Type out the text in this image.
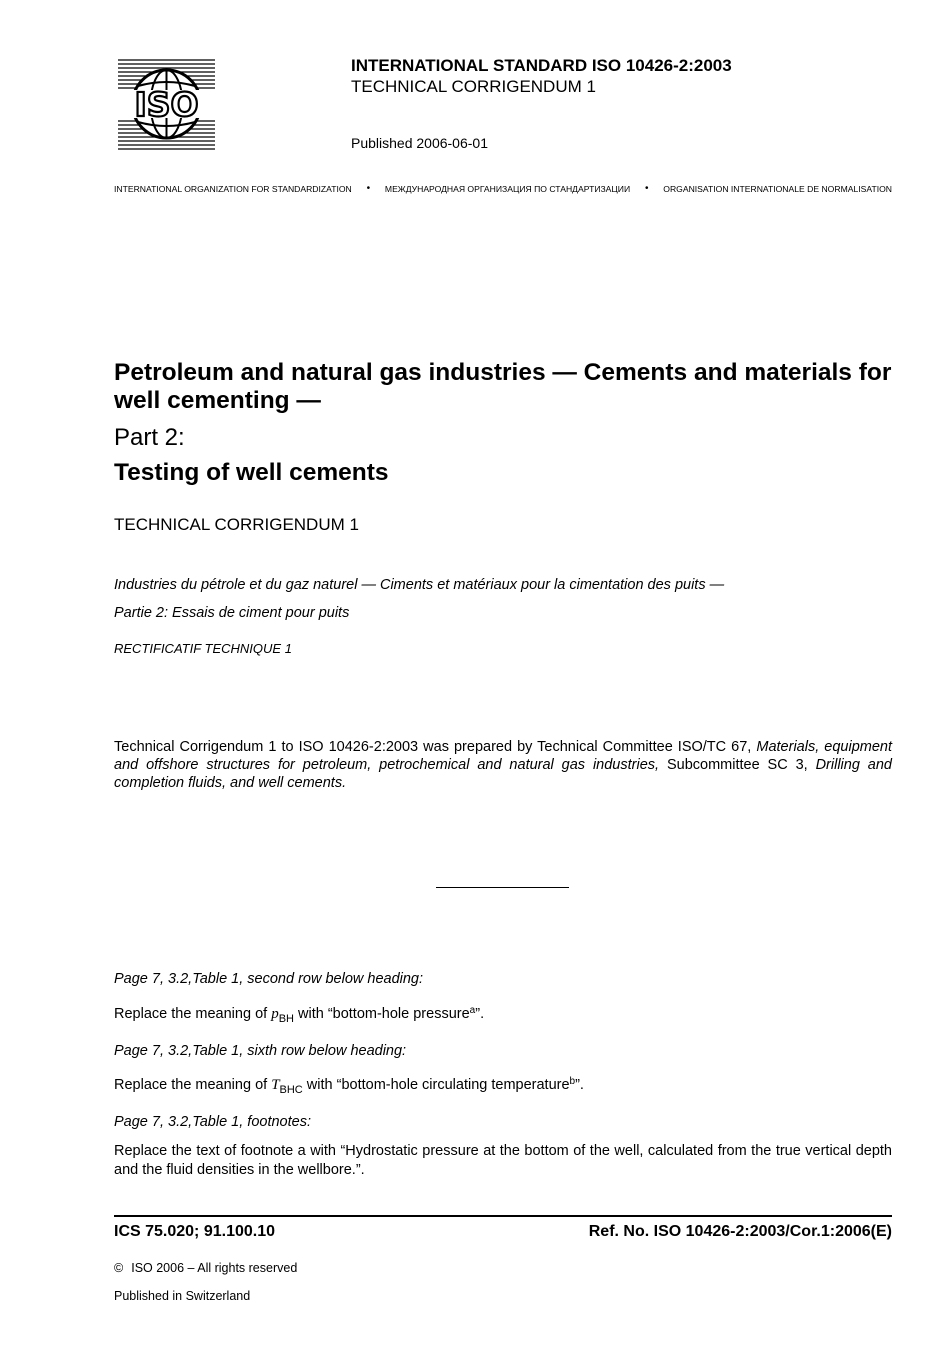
ISO
INTERNATIONAL STANDARD ISO 10426-2:2003
TECHNICAL CORRIGENDUM 1
Published 2006-06-01
INTERNATIONAL ORGANIZATION FOR STANDARDIZATION • МЕЖДУНАРОДНАЯ ОРГАНИЗАЦИЯ ПО СТАНДАРТИЗАЦИИ • ORGANISATION INTERNATIONALE DE NORMALISATION
Petroleum and natural gas industries — Cements and materials for well cementing —
Part 2:
Testing of well cements
TECHNICAL CORRIGENDUM 1
Industries du pétrole et du gaz naturel — Ciments et matériaux pour la cimentation des puits —
Partie 2: Essais de ciment pour puits
RECTIFICATIF TECHNIQUE 1
Technical Corrigendum 1 to ISO 10426-2:2003 was prepared by Technical Committee ISO/TC 67, Materials, equipment and offshore structures for petroleum, petrochemical and natural gas industries, Subcommittee SC 3, Drilling and completion fluids, and well cements.
Page 7, 3.2,Table 1, second row below heading:
Replace the meaning of $p_{BH}$ with “bottom-hole pressure$^a$”.
Page 7, 3.2,Table 1, sixth row below heading:
Replace the meaning of $T_{BHC}$ with “bottom-hole circulating temperature$^b$”.
Page 7, 3.2,Table 1, footnotes:
Replace the text of footnote a with “Hydrostatic pressure at the bottom of the well, calculated from the true vertical depth and the fluid densities in the wellbore.”.
ICS 75.020; 91.100.10	Ref. No. ISO 10426-2:2003/Cor.1:2006(E)
© ISO 2006 – All rights reserved
Published in Switzerland
